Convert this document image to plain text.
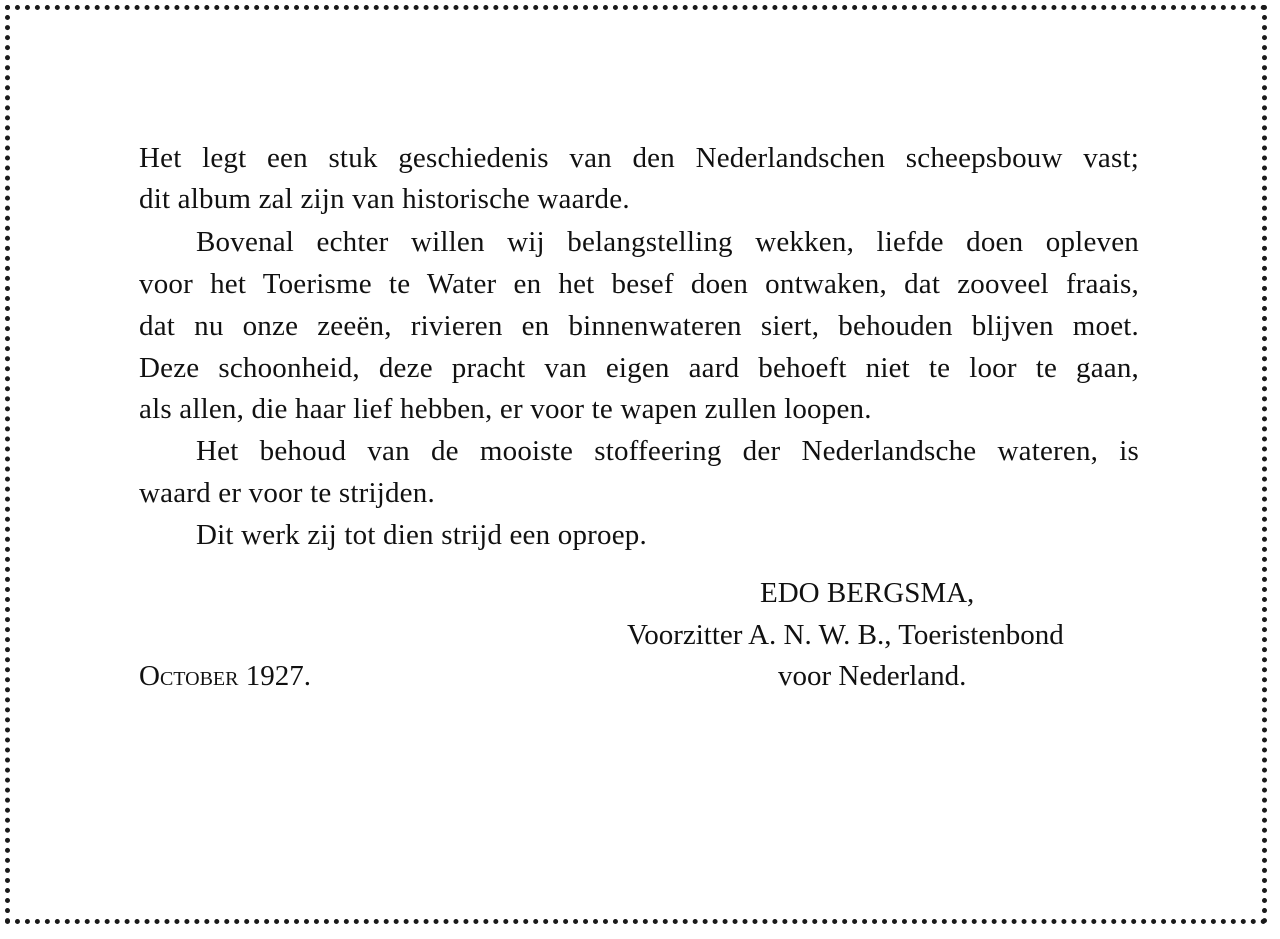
Het legt een stuk geschiedenis van den Nederlandschen scheepsbouw vast;
dit album zal zijn van historische waarde.
Bovenal echter willen wij belangstelling wekken, liefde doen opleven
voor het Toerisme te Water en het besef doen ontwaken, dat zooveel fraais,
dat nu onze zeeën, rivieren en binnenwateren siert, behouden blijven moet.
Deze schoonheid, deze pracht van eigen aard behoeft niet te loor te gaan,
als allen, die haar lief hebben, er voor te wapen zullen loopen.
Het behoud van de mooiste stoffeering der Nederlandsche wateren, is
waard er voor te strijden.
Dit werk zij tot dien strijd een oproep.
EDO BERGSMA,
Voorzitter A. N. W. B., Toeristenbond
voor Nederland.
October 1927.
